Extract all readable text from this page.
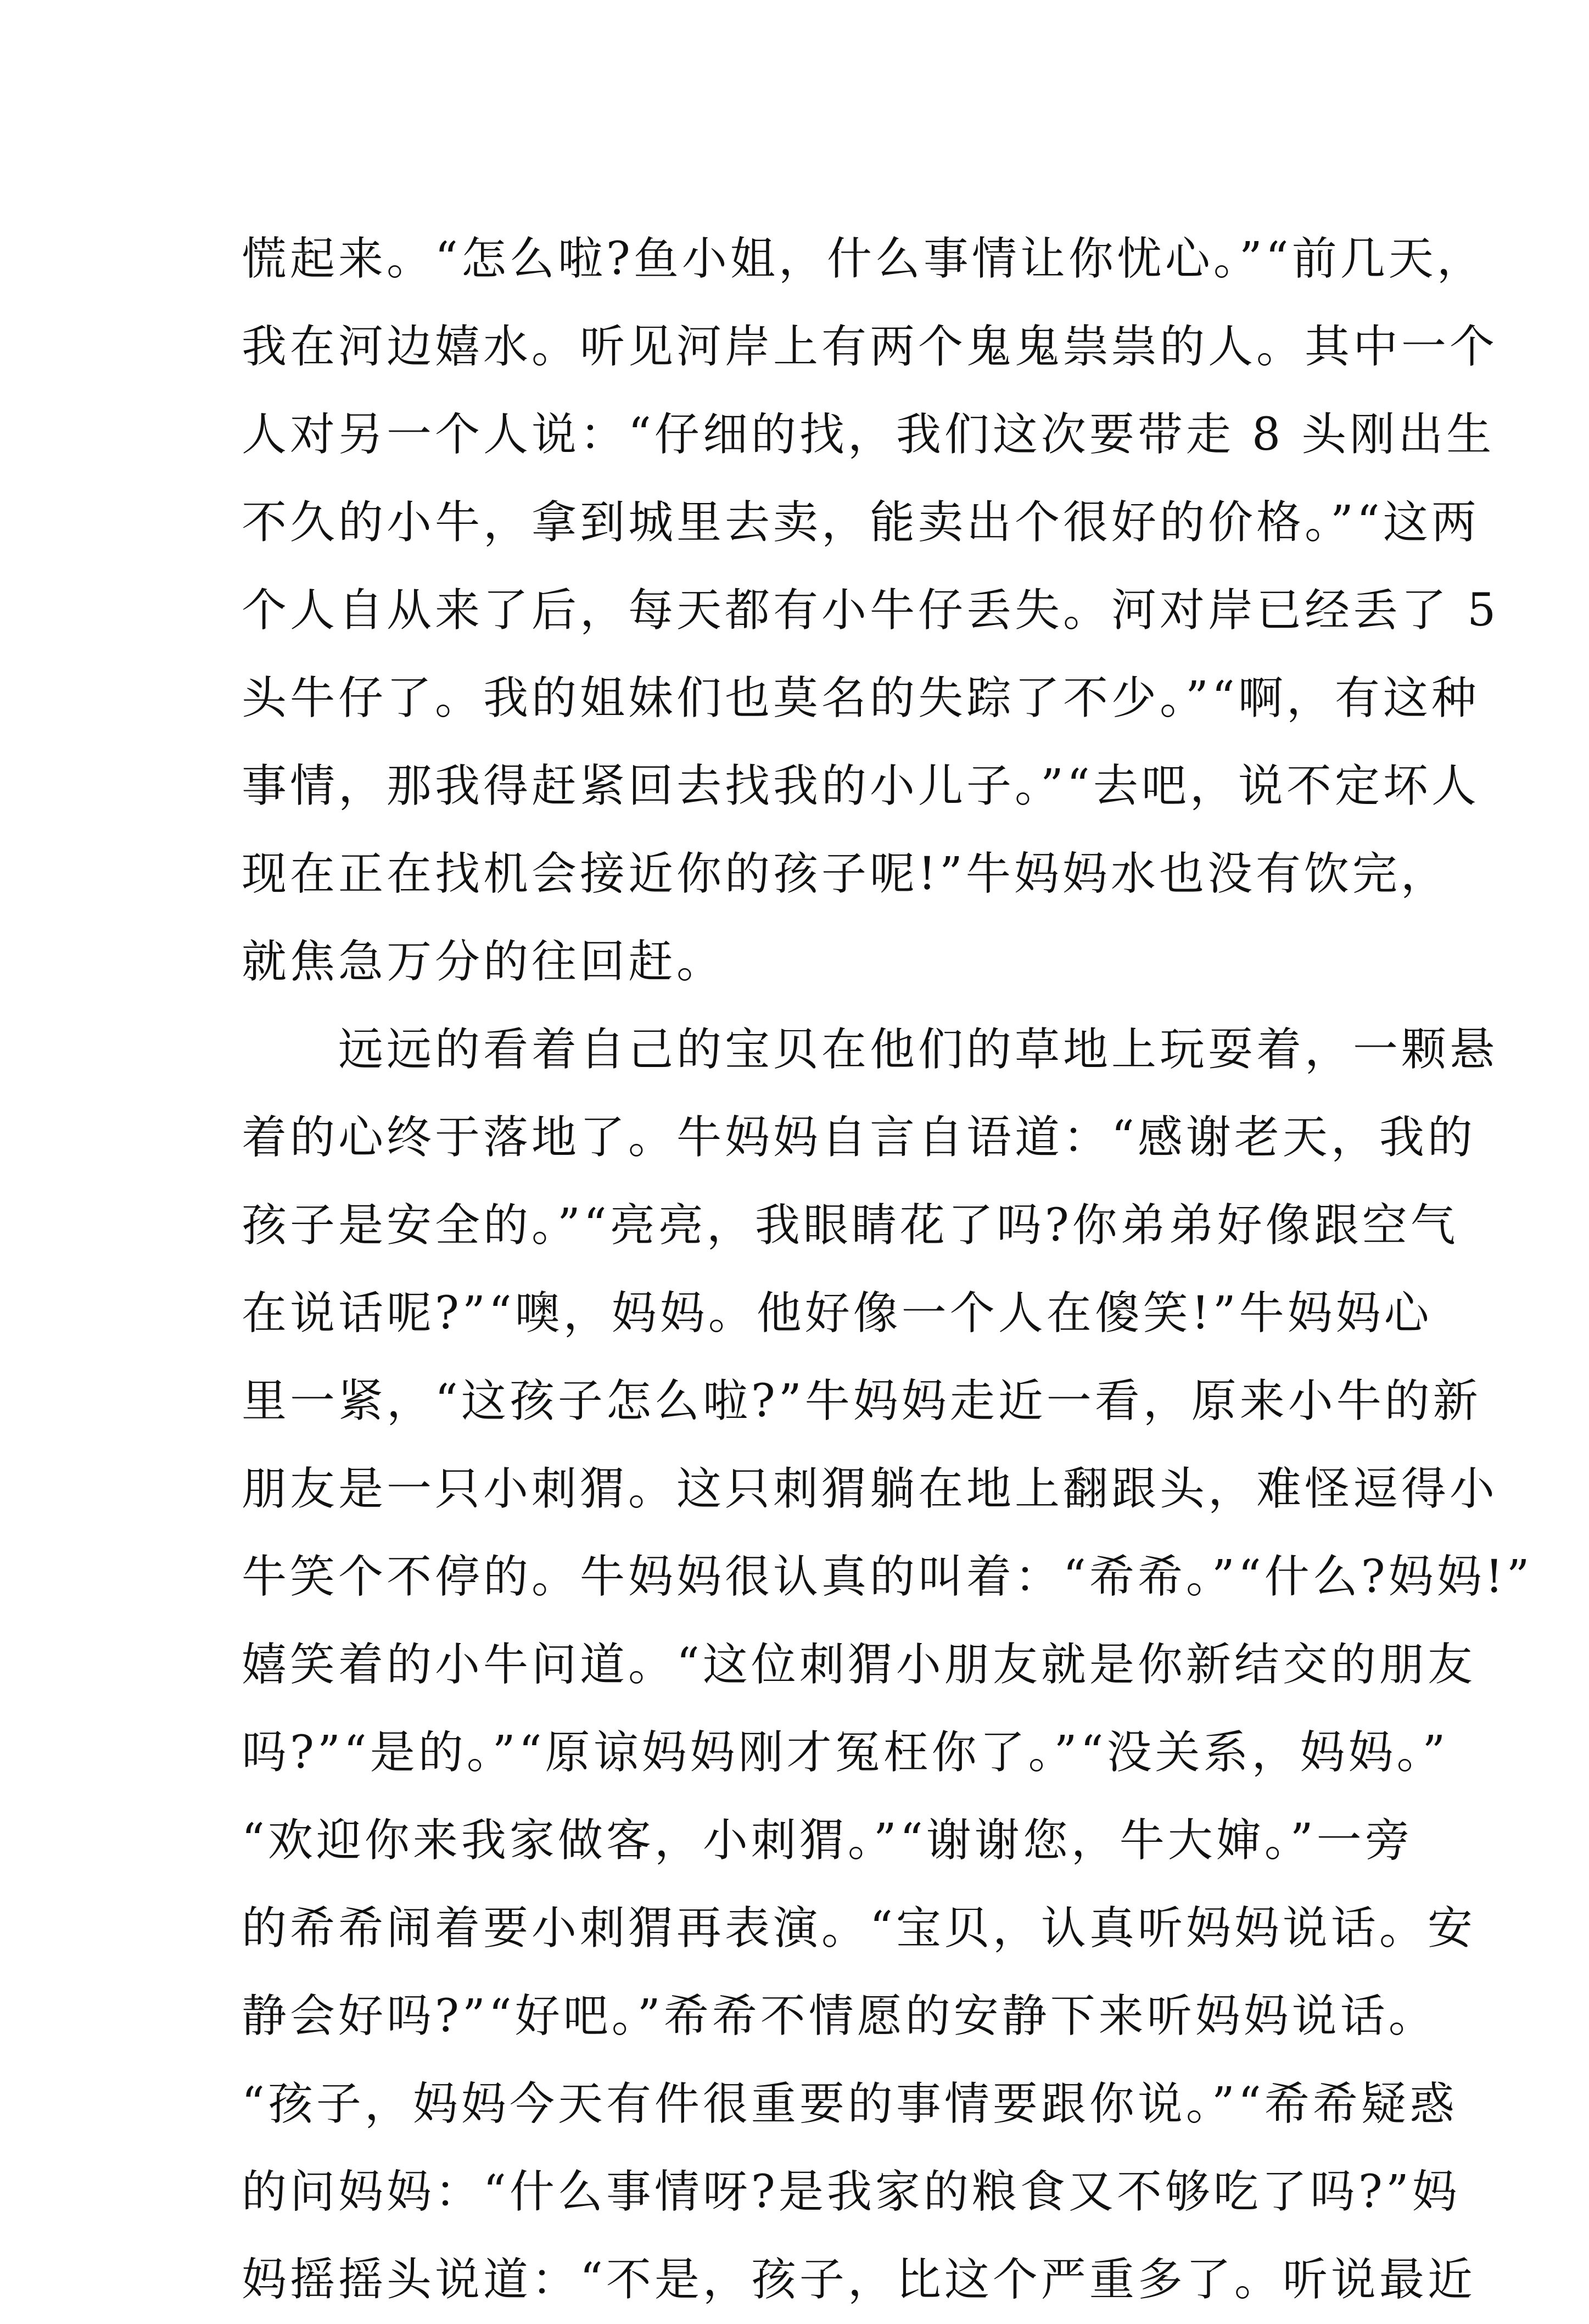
慌起来。“怎么啦?鱼小姐，什么事情让你忧心。”“前几天，
我在河边嬉水。听见河岸上有两个鬼鬼祟祟的人。其中一个
人对另一个人说：“仔细的找，我们这次要带走 8 头刚出生
不久的小牛，拿到城里去卖，能卖出个很好的价格。”“这两
个人自从来了后，每天都有小牛仔丢失。河对岸已经丢了 5
头牛仔了。我的姐妹们也莫名的失踪了不少。”“啊，有这种
事情，那我得赶紧回去找我的小儿子。”“去吧，说不定坏人
现在正在找机会接近你的孩子呢!”牛妈妈水也没有饮完，
就焦急万分的往回赶。
　　远远的看着自己的宝贝在他们的草地上玩耍着，一颗悬
着的心终于落地了。牛妈妈自言自语道：“感谢老天，我的
孩子是安全的。”“亮亮，我眼睛花了吗?你弟弟好像跟空气
在说话呢?”“噢，妈妈。他好像一个人在傻笑!”牛妈妈心
里一紧，“这孩子怎么啦?”牛妈妈走近一看，原来小牛的新
朋友是一只小刺猬。这只刺猬躺在地上翻跟头，难怪逗得小
牛笑个不停的。牛妈妈很认真的叫着：“希希。”“什么?妈妈!”
嬉笑着的小牛问道。“这位刺猬小朋友就是你新结交的朋友
吗?”“是的。”“原谅妈妈刚才冤枉你了。”“没关系，妈妈。”
“欢迎你来我家做客，小刺猬。”“谢谢您，牛大婶。”一旁
的希希闹着要小刺猬再表演。“宝贝，认真听妈妈说话。安
静会好吗?”“好吧。”希希不情愿的安静下来听妈妈说话。
“孩子，妈妈今天有件很重要的事情要跟你说。”“希希疑惑
的问妈妈：“什么事情呀?是我家的粮食又不够吃了吗?”妈
妈摇摇头说道：“不是，孩子，比这个严重多了。听说最近
